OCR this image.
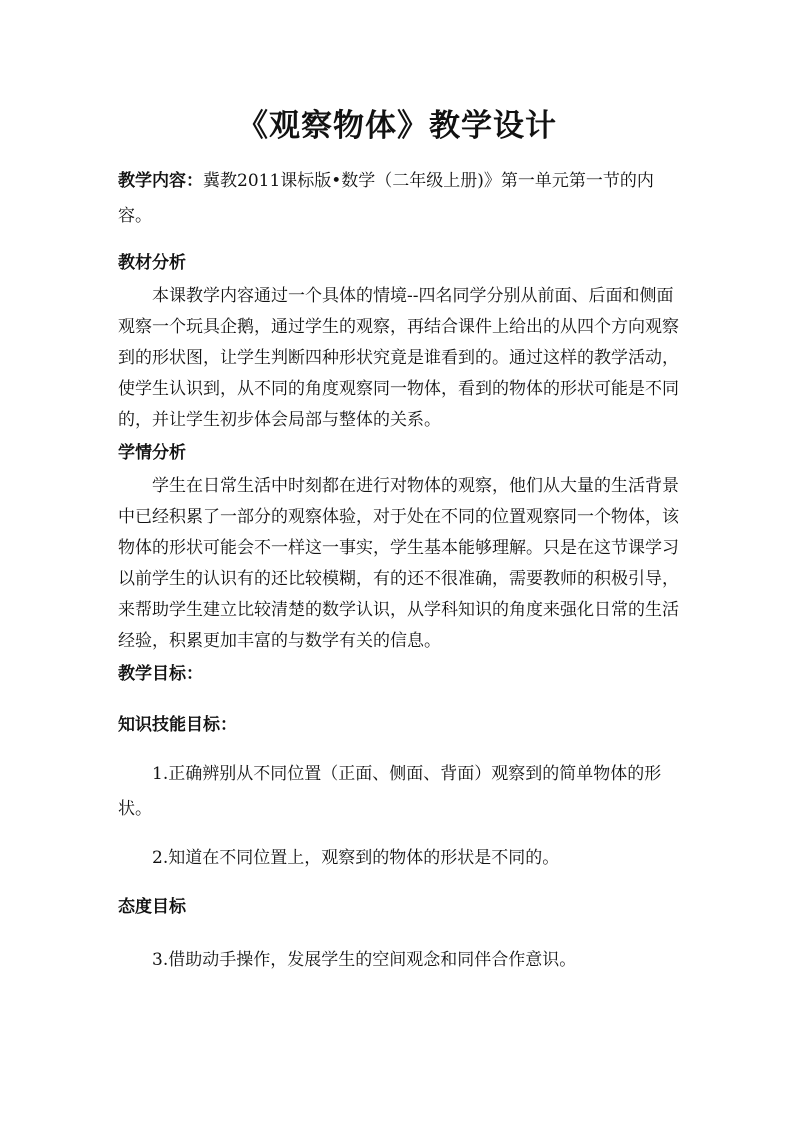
《观察物体》教学设计

教学内容：冀教2011课标版•数学（二年级上册)》第一单元第一节的内容。

教材分析

本课教学内容通过一个具体的情境--四名同学分别从前面、后面和侧面观察一个玩具企鹅，通过学生的观察，再结合课件上给出的从四个方向观察到的形状图，让学生判断四种形状究竟是谁看到的。通过这样的教学活动，使学生认识到，从不同的角度观察同一物体，看到的物体的形状可能是不同的，并让学生初步体会局部与整体的关系。

学情分析

学生在日常生活中时刻都在进行对物体的观察，他们从大量的生活背景中已经积累了一部分的观察体验，对于处在不同的位置观察同一个物体，该物体的形状可能会不一样这一事实，学生基本能够理解。只是在这节课学习以前学生的认识有的还比较模糊，有的还不很准确，需要教师的积极引导，来帮助学生建立比较清楚的数学认识，从学科知识的角度来强化日常的生活经验，积累更加丰富的与数学有关的信息。

教学目标：

知识技能目标：

1.正确辨别从不同位置（正面、侧面、背面）观察到的简单物体的形状。

2.知道在不同位置上，观察到的物体的形状是不同的。

态度目标

3.借助动手操作，发展学生的空间观念和同伴合作意识。
